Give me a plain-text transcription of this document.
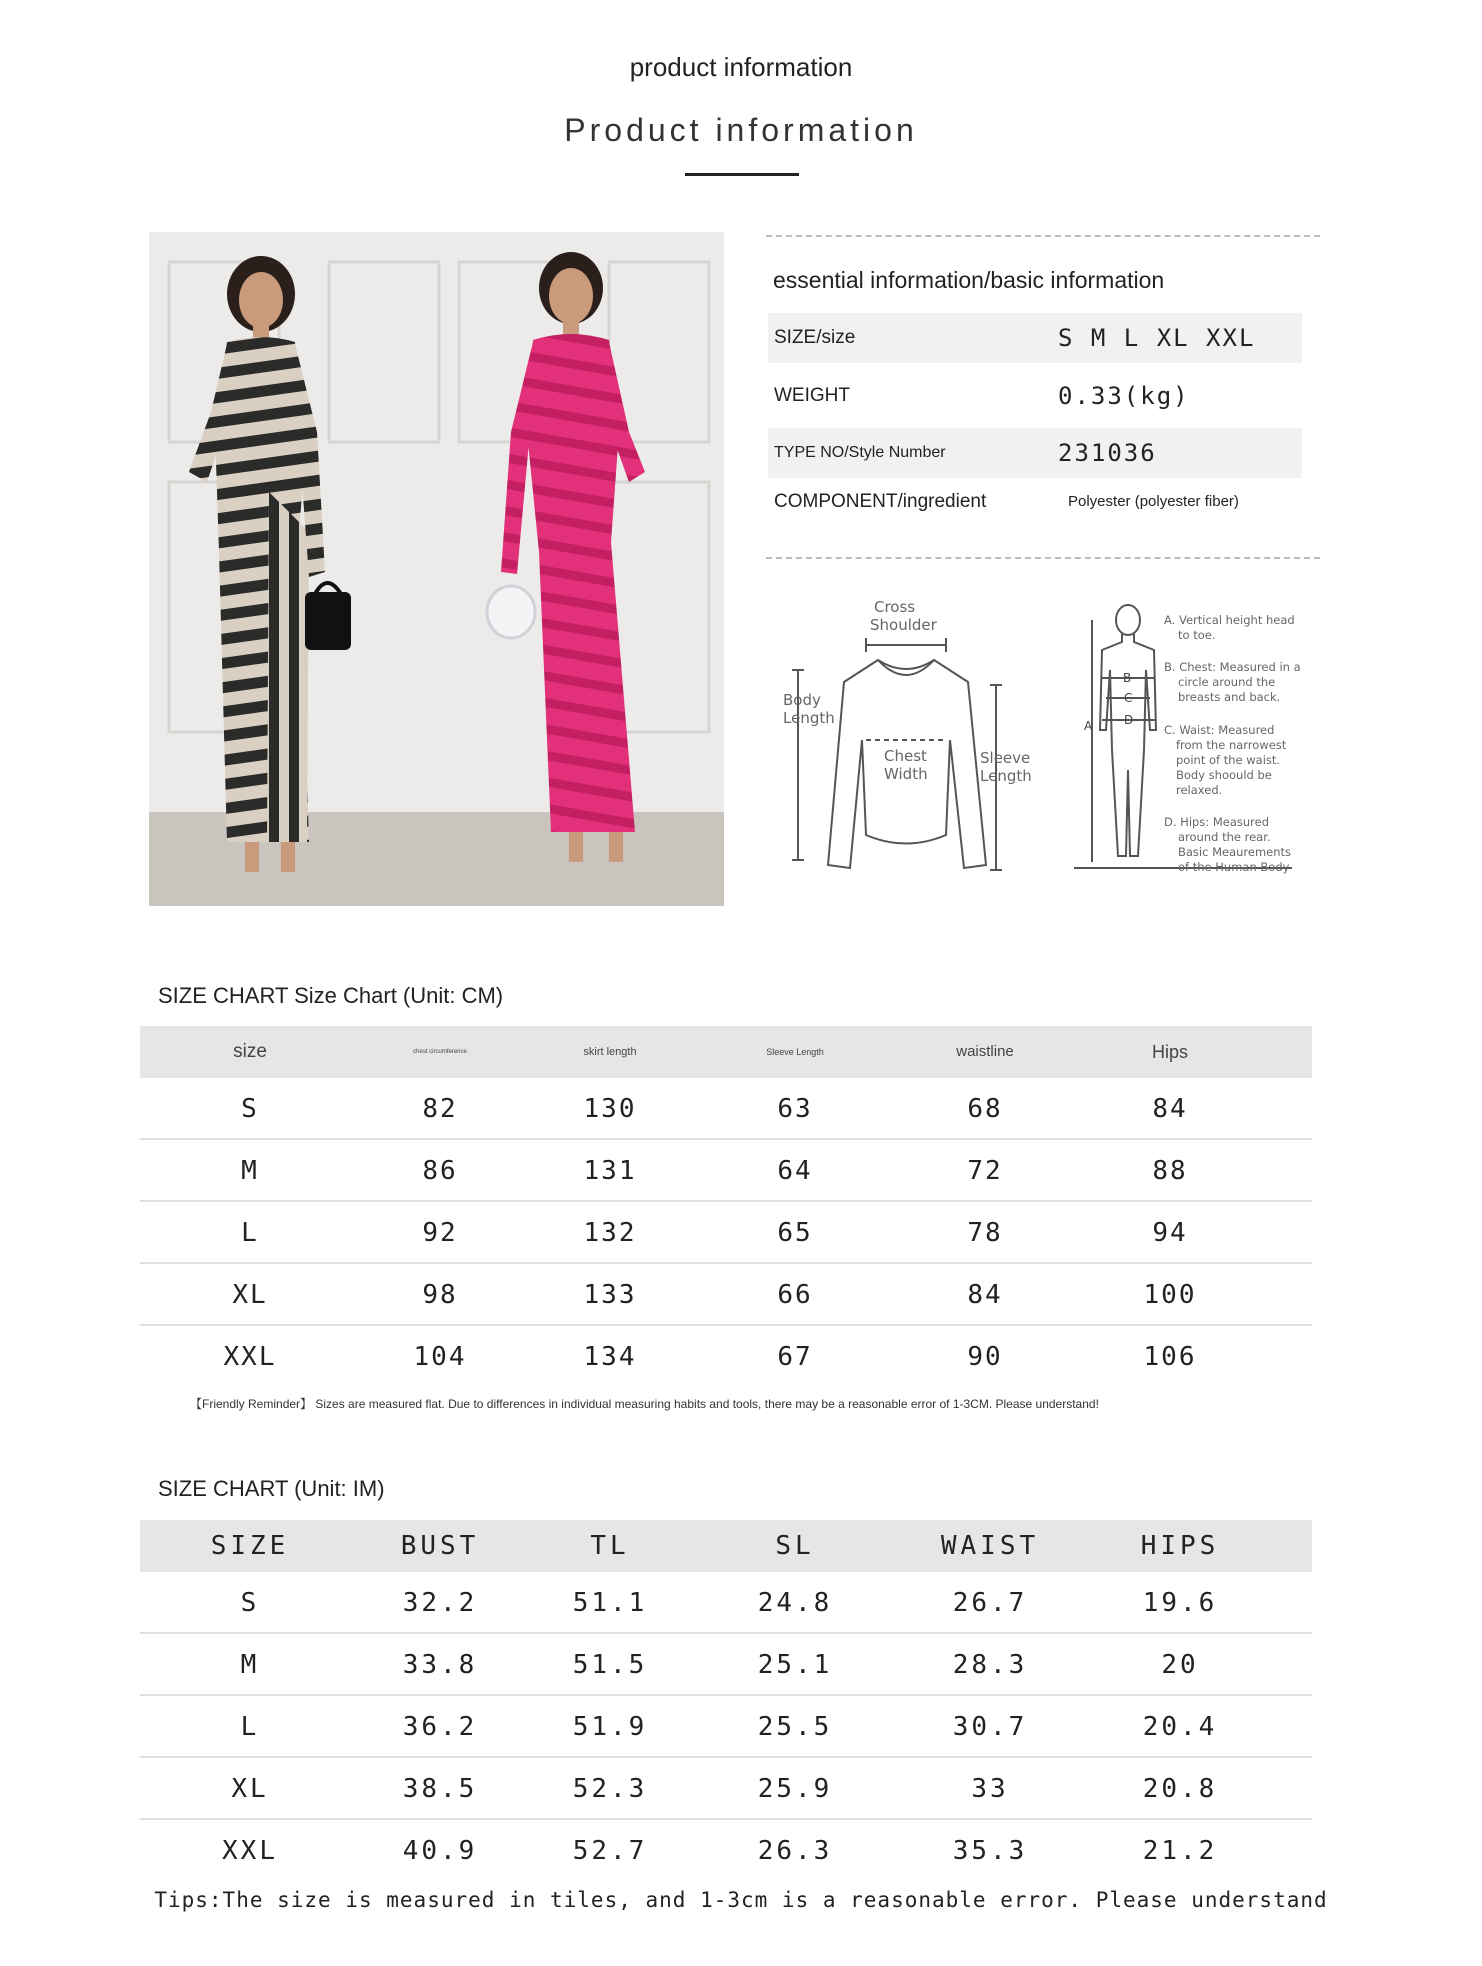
product information
Product information
essential information/basic information
SIZE/size	S M L XL XXL
WEIGHT	0.33(kg)
TYPE NO/Style Number	231036
COMPONENT/ingredient	Polyester (polyester fiber)
Cross
Shoulder
Body
Length
Chest
Width
Sleeve
Length
B
C
D
A
A. Vertical height head
to toe.
B. Chest: Measured in a
circle around the
breasts and back.
C. Waist: Measured
from the narrowest
point of the waist.
Body shoould be
relaxed.
D. Hips: Measured
around the rear.
Basic Meaurements
of the Human Body
SIZE CHART Size Chart (Unit: CM)
size	chest circumference	skirt length	Sleeve Length	waistline	Hips
S	82	130	63	68	84
M	86	131	64	72	88
L	92	132	65	78	94
XL	98	133	66	84	100
XXL	104	134	67	90	106
【Friendly Reminder】 Sizes are measured flat. Due to differences in individual measuring habits and tools, there may be a reasonable error of 1-3CM. Please understand!
SIZE CHART (Unit: IM)
SIZE	BUST	TL	SL	WAIST	HIPS
S	32.2	51.1	24.8	26.7	19.6
M	33.8	51.5	25.1	28.3	20
L	36.2	51.9	25.5	30.7	20.4
XL	38.5	52.3	25.9	33	20.8
XXL	40.9	52.7	26.3	35.3	21.2
Tips:The size is measured in tiles, and 1-3cm is a reasonable error. Please understand
